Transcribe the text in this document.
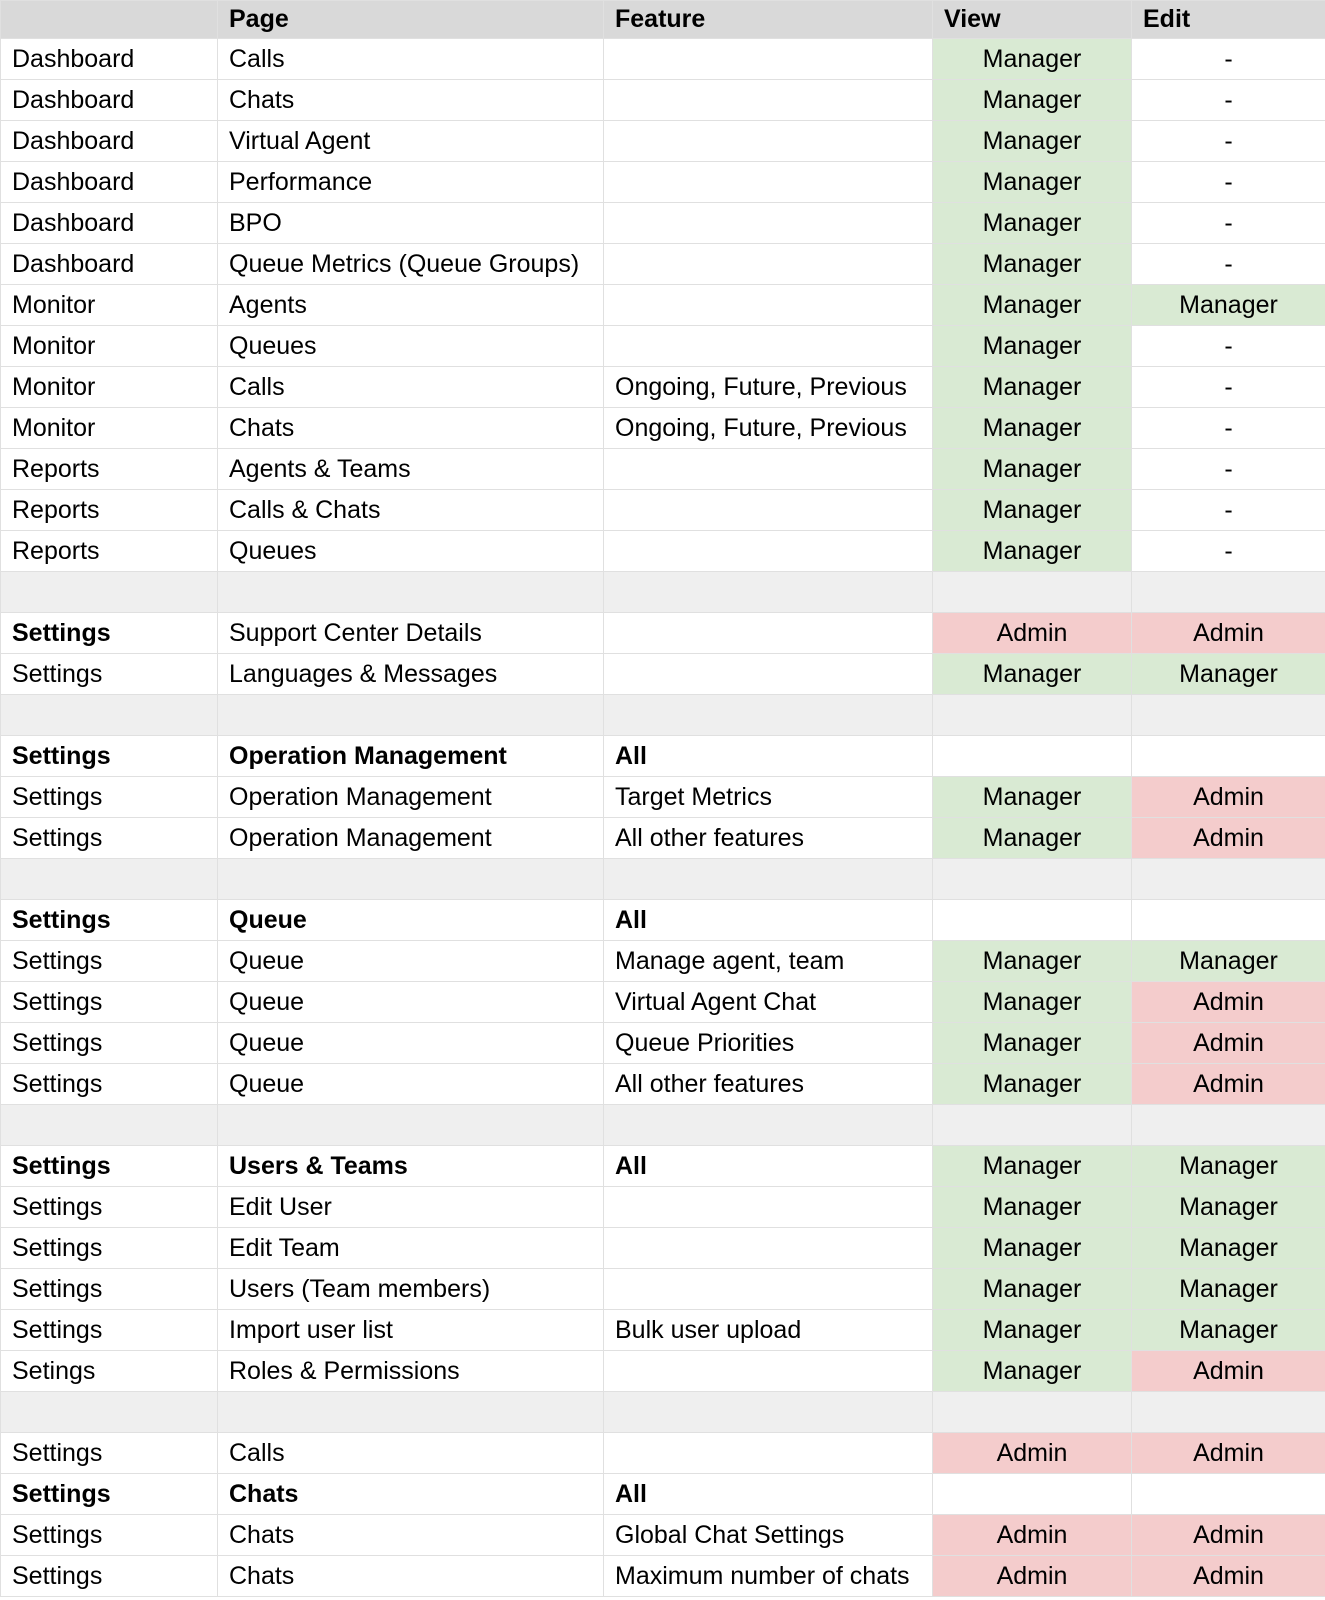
	Page	Feature	View	Edit
Dashboard	Calls		Manager	-
Dashboard	Chats		Manager	-
Dashboard	Virtual Agent		Manager	-
Dashboard	Performance		Manager	-
Dashboard	BPO		Manager	-
Dashboard	Queue Metrics (Queue Groups)		Manager	-
Monitor	Agents		Manager	Manager
Monitor	Queues		Manager	-
Monitor	Calls	Ongoing, Future, Previous	Manager	-
Monitor	Chats	Ongoing, Future, Previous	Manager	-
Reports	Agents & Teams		Manager	-
Reports	Calls & Chats		Manager	-
Reports	Queues		Manager	-

Settings	Support Center Details		Admin	Admin
Settings	Languages & Messages		Manager	Manager

Settings	Operation Management	All		
Settings	Operation Management	Target Metrics	Manager	Admin
Settings	Operation Management	All other features	Manager	Admin

Settings	Queue	All		
Settings	Queue	Manage agent, team	Manager	Manager
Settings	Queue	Virtual Agent Chat	Manager	Admin
Settings	Queue	Queue Priorities	Manager	Admin
Settings	Queue	All other features	Manager	Admin

Settings	Users & Teams	All	Manager	Manager
Settings	Edit User		Manager	Manager
Settings	Edit Team		Manager	Manager
Settings	Users (Team members)		Manager	Manager
Settings	Import user list	Bulk user upload	Manager	Manager
Setings	Roles & Permissions		Manager	Admin

Settings	Calls		Admin	Admin
Settings	Chats	All		
Settings	Chats	Global Chat Settings	Admin	Admin
Settings	Chats	Maximum number of chats	Admin	Admin
